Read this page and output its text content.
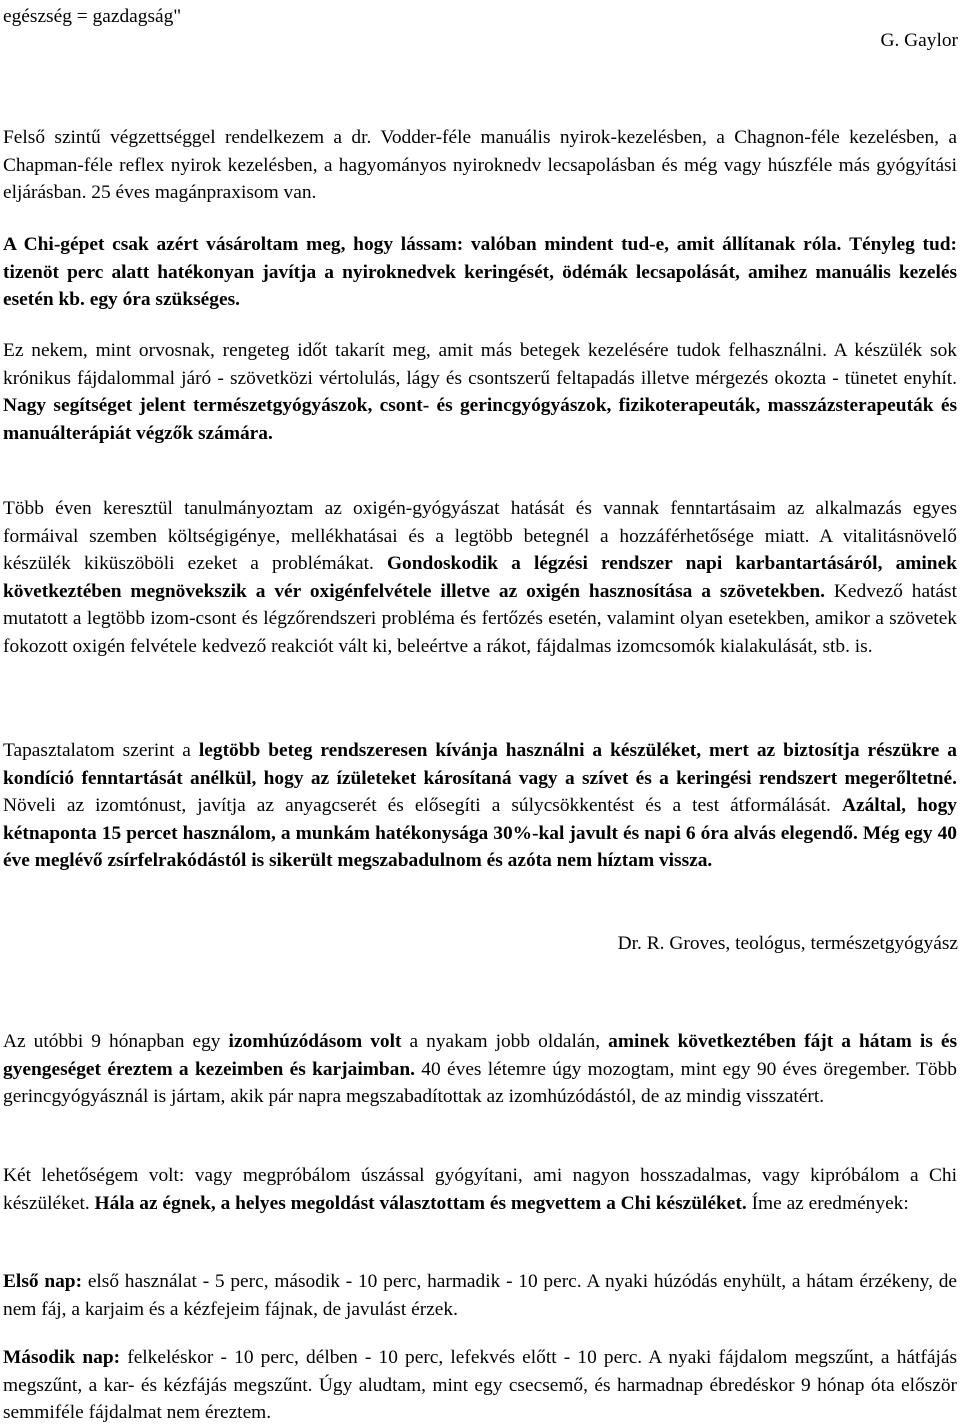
egészség = gazdagság"
G. Gaylor
Felső szintű végzettséggel rendelkezem a dr. Vodder-féle manuális nyirok-kezelésben, a Chagnon-féle kezelésben, a Chapman-féle reflex nyirok kezelésben, a hagyományos nyiroknedv lecsapolásban és még vagy húszféle más gyógyítási eljárásban. 25 éves magánpraxisom van.
A Chi-gépet csak azért vásároltam meg, hogy lássam: valóban mindent tud-e, amit állítanak róla. Tényleg tud: tizenöt perc alatt hatékonyan javítja a nyiroknedvek keringését, ödémák lecsapolását, amihez manuális kezelés esetén kb. egy óra szükséges.
Ez nekem, mint orvosnak, rengeteg időt takarít meg, amit más betegek kezelésére tudok felhasználni. A készülék sok krónikus fájdalommal járó - szövetközi vértolulás, lágy és csontszerű feltapadás illetve mérgezés okozta - tünetet enyhít. Nagy segítséget jelent természetgyógyászok, csont- és gerincgyógyászok, fizikoterapeuták, masszázsterapeuták és manuálterápiát végzők számára.
Több éven keresztül tanulmányoztam az oxigén-gyógyászat hatását és vannak fenntartásaim az alkalmazás egyes formáival szemben költségigénye, mellékhatásai és a legtöbb betegnél a hozzáférhetősége miatt. A vitalitásnövelő készülék kiküszöböli ezeket a problémákat. Gondoskodik a légzési rendszer napi karbantartásáról, aminek következtében megnövekszik a vér oxigénfelvétele illetve az oxigén hasznosítása a szövetekben. Kedvező hatást mutatott a legtöbb izom-csont és légzőrendszeri probléma és fertőzés esetén, valamint olyan esetekben, amikor a szövetek fokozott oxigén felvétele kedvező reakciót vált ki, beleértve a rákot, fájdalmas izomcsomók kialakulását, stb. is.
Tapasztalatom szerint a legtöbb beteg rendszeresen kívánja használni a készüléket, mert az biztosítja részükre a kondíció fenntartását anélkül, hogy az ízületeket károsítaná vagy a szívet és a keringési rendszert megerőltetné. Növeli az izomtónust, javítja az anyagcserét és elősegíti a súlycsökkentést és a test átformálását. Azáltal, hogy kétnaponta 15 percet használom, a munkám hatékonysága 30%-kal javult és napi 6 óra alvás elegendő. Még egy 40 éve meglévő zsírfelrakódástól is sikerült megszabadulnom és azóta nem híztam vissza.
Dr. R. Groves, teológus, természetgyógyász
Az utóbbi 9 hónapban egy izomhúzódásom volt a nyakam jobb oldalán, aminek következtében fájt a hátam is és gyengeséget éreztem a kezeimben és karjaimban. 40 éves létemre úgy mozogtam, mint egy 90 éves öregember. Több gerincgyógyásznál is jártam, akik pár napra megszabadítottak az izomhúzódástól, de az mindig visszatért.
Két lehetőségem volt: vagy megpróbálom úszással gyógyítani, ami nagyon hosszadalmas, vagy kipróbálom a Chi készüléket. Hála az égnek, a helyes megoldást választottam és megvettem a Chi készüléket. Íme az eredmények:
Első nap: első használat - 5 perc, második - 10 perc, harmadik - 10 perc. A nyaki húzódás enyhült, a hátam érzékeny, de nem fáj, a karjaim és a kézfejeim fájnak, de javulást érzek.
Második nap: felkeléskor - 10 perc, délben - 10 perc, lefekvés előtt - 10 perc. A nyaki fájdalom megszűnt, a hátfájás megszűnt, a kar- és kézfájás megszűnt. Úgy aludtam, mint egy csecsemő, és harmadnap ébredéskor 9 hónap óta először semmiféle fájdalmat nem éreztem.
